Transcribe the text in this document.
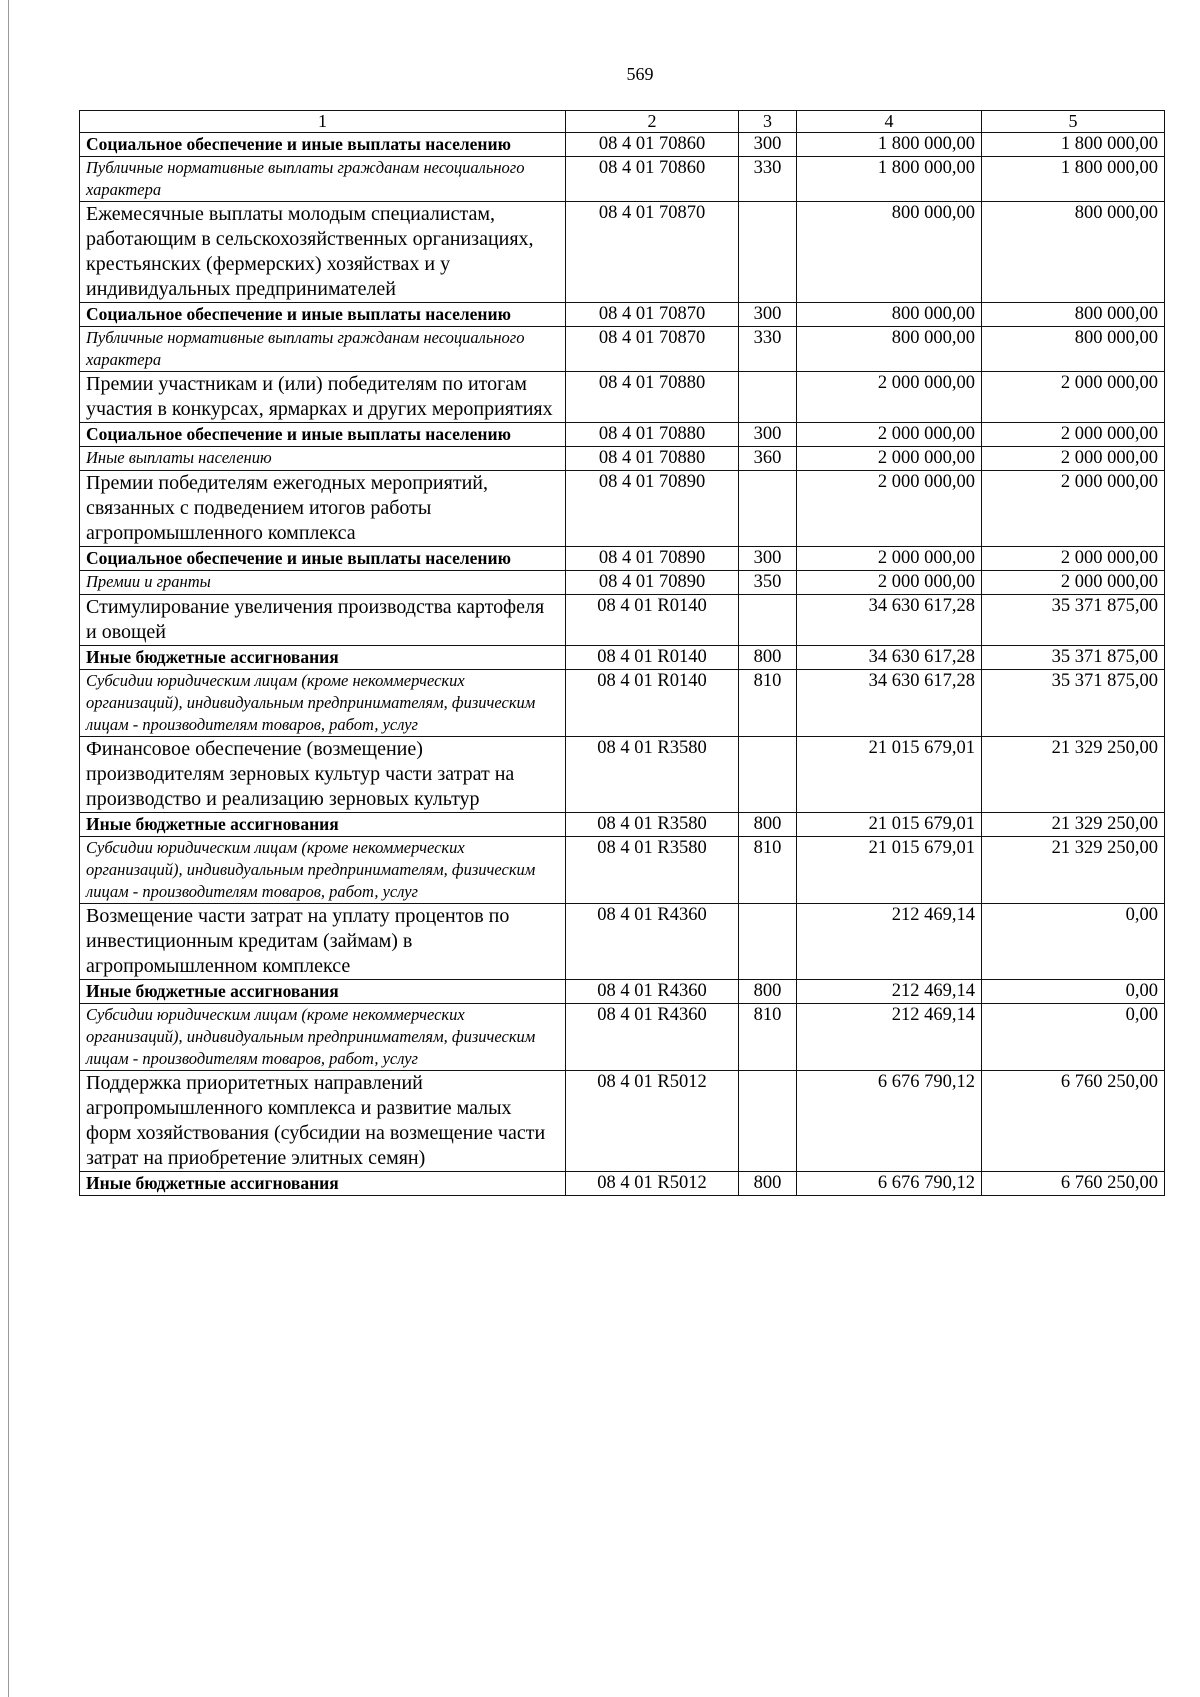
569
1	2	3	4	5
Социальное обеспечение и иные выплаты населению	08 4 01 70860	300	1 800 000,00	1 800 000,00
Публичные нормативные выплаты гражданам несоциального характера	08 4 01 70860	330	1 800 000,00	1 800 000,00
Ежемесячные выплаты молодым специалистам, работающим в сельскохозяйственных организациях, крестьянских (фермерских) хозяйствах и у индивидуальных предпринимателей	08 4 01 70870		800 000,00	800 000,00
Социальное обеспечение и иные выплаты населению	08 4 01 70870	300	800 000,00	800 000,00
Публичные нормативные выплаты гражданам несоциального характера	08 4 01 70870	330	800 000,00	800 000,00
Премии участникам и (или) победителям по итогам участия в конкурсах, ярмарках и других мероприятиях	08 4 01 70880		2 000 000,00	2 000 000,00
Социальное обеспечение и иные выплаты населению	08 4 01 70880	300	2 000 000,00	2 000 000,00
Иные выплаты населению	08 4 01 70880	360	2 000 000,00	2 000 000,00
Премии победителям ежегодных мероприятий, связанных с подведением итогов работы агропромышленного комплекса	08 4 01 70890		2 000 000,00	2 000 000,00
Социальное обеспечение и иные выплаты населению	08 4 01 70890	300	2 000 000,00	2 000 000,00
Премии и гранты	08 4 01 70890	350	2 000 000,00	2 000 000,00
Стимулирование увеличения производства картофеля и овощей	08 4 01 R0140		34 630 617,28	35 371 875,00
Иные бюджетные ассигнования	08 4 01 R0140	800	34 630 617,28	35 371 875,00
Субсидии юридическим лицам (кроме некоммерческих организаций), индивидуальным предпринимателям, физическим лицам - производителям товаров, работ, услуг	08 4 01 R0140	810	34 630 617,28	35 371 875,00
Финансовое обеспечение (возмещение) производителям зерновых культур части затрат на производство и реализацию зерновых культур	08 4 01 R3580		21 015 679,01	21 329 250,00
Иные бюджетные ассигнования	08 4 01 R3580	800	21 015 679,01	21 329 250,00
Субсидии юридическим лицам (кроме некоммерческих организаций), индивидуальным предпринимателям, физическим лицам - производителям товаров, работ, услуг	08 4 01 R3580	810	21 015 679,01	21 329 250,00
Возмещение части затрат на уплату процентов по инвестиционным кредитам (займам) в агропромышленном комплексе	08 4 01 R4360		212 469,14	0,00
Иные бюджетные ассигнования	08 4 01 R4360	800	212 469,14	0,00
Субсидии юридическим лицам (кроме некоммерческих организаций), индивидуальным предпринимателям, физическим лицам - производителям товаров, работ, услуг	08 4 01 R4360	810	212 469,14	0,00
Поддержка приоритетных направлений агропромышленного комплекса и развитие малых форм хозяйствования (субсидии на возмещение части затрат на приобретение элитных семян)	08 4 01 R5012		6 676 790,12	6 760 250,00
Иные бюджетные ассигнования	08 4 01 R5012	800	6 676 790,12	6 760 250,00
